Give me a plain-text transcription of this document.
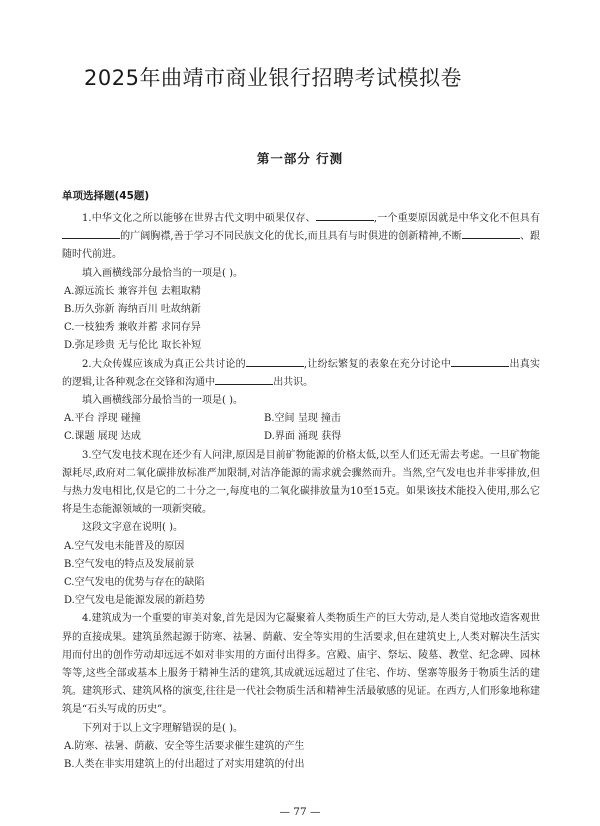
2025年曲靖市商业银行招聘考试模拟卷
第一部分 行测
单项选择题(45题)

1.中华文化之所以能够在世界古代文明中硕果仅存、	,一个重要原因就是中华文化不但具有的广阔胸襟,善于学习不同民族文化的优长,而且具有与时俱进的创新精神,不断	、跟随时代前进。

填入画横线部分最恰当的一项是( )。

A.源远流长 兼容并包 去粗取精

B.历久弥新 海纳百川 吐故纳新

C.一枝独秀 兼收并蓄 求同存异

D.弥足珍贵 无与伦比 取长补短

2.大众传媒应该成为真正公共讨论的	,让纷纭繁复的表象在充分讨论中	出真实的逻辑,让各种观念在交锋和沟通中	出共识。

填入画横线部分最恰当的一项是( )。

A.平台 浮现 碰撞	B.空间 呈现 撞击
C.课题 展现 达成	D.界面 涌现 获得

3.空气发电技术现在还少有人问津,原因是目前矿物能源的价格太低,以至人们还无需去考虑。一旦矿物能源耗尽,政府对二氧化碳排放标准严加限制,对洁净能源的需求就会骤然而升。当然,空气发电也并非零排放,但与热力发电相比,仅是它的二十分之一,每度电的二氧化碳排放量为10至15克。如果该技术能投入使用,那么它将是生态能源领域的一项新突破。

这段文字意在说明( )。

A.空气发电未能普及的原因

B.空气发电的特点及发展前景

C.空气发电的优势与存在的缺陷

D.空气发电是能源发展的新趋势

4.建筑成为一个重要的审美对象,首先是因为它凝聚着人类物质生产的巨大劳动,是人类自觉地改造客观世界的直接成果。建筑虽然起源于防寒、祛暑、荫蔽、安全等实用的生活要求,但在建筑史上,人类对解决生活实用而付出的创作劳动却远远不如对非实用的方面付出得多。宫殿、庙宇、祭坛、陵墓、教堂、纪念碑、园林等等,这些全部或基本上服务于精神生活的建筑,其成就远远超过了住宅、作坊、堡寨等服务于物质生活的建筑。建筑形式、建筑风格的演变,往往是一代社会物质生活和精神生活最敏感的见证。在西方,人们形象地称建筑是“石头写成的历史”。

下列对于以上文字理解错误的是( )。

A.防寒、祛暑、荫蔽、安全等生活要求催生建筑的产生

B.人类在非实用建筑上的付出超过了对实用建筑的付出

— 77 —
